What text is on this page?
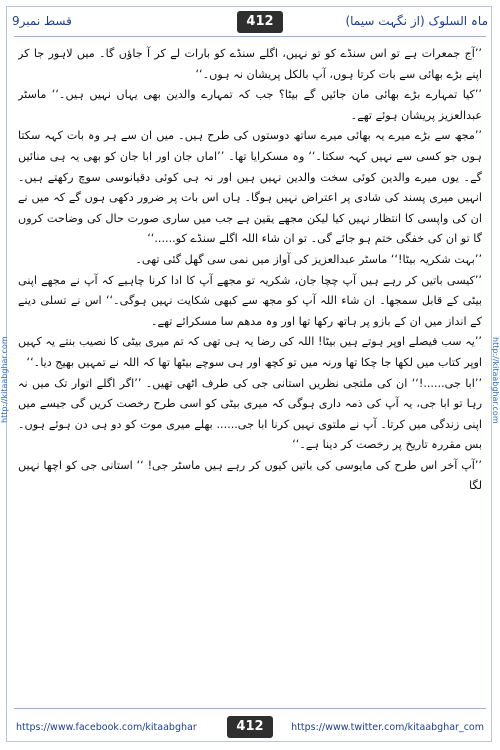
ماہ السلوک (از نگہت سیما)
412
قسط نمبر9
http://kitaabghar.com	http://kitaabghar.com

’’آج جمعرات ہے تو اس سنڈے کو تو نہیں، اگلے سنڈے کو بارات لے کر آ جاؤں گا۔ میں لاہور جا کر اپنے بڑے بھائی سے بات کرتا ہوں، آپ بالکل پریشان نہ ہوں۔‘‘

’’کیا تمہارے بڑے بھائی مان جائیں گے بیٹا؟ جب کہ تمہارے والدین بھی یہاں نہیں ہیں۔‘‘ ماسٹر عبدالعزیز پریشان ہوئے تھے۔

’’مجھ سے بڑے میرے یہ بھائی میرے ساتھ دوستوں کی طرح ہیں۔ میں ان سے ہر وہ بات کہہ سکتا ہوں جو کسی سے نہیں کہہ سکتا۔‘‘ وہ مسکرایا تھا۔ ’’اماں جان اور ابا جان کو بھی یہ ہی منائیں گے۔ یوں میرے والدین کوئی سخت والدین نہیں ہیں اور نہ ہی کوئی دقیانوسی سوچ رکھتے ہیں۔ انہیں میری پسند کی شادی پر اعتراض نہیں ہوگا۔ ہاں اس بات پر ضرور دکھی ہوں گے کہ میں نے ان کی واپسی کا انتظار نہیں کیا لیکن مجھے یقین ہے جب میں ساری صورت حال کی وضاحت کروں گا تو ان کی خفگی ختم ہو جائے گی۔ تو ان شاء اللہ اگلے سنڈے کو......‘‘

’’بہت شکریہ بیٹا!‘‘ ماسٹر عبدالعزیز کی آواز میں نمی سی گھل گئی تھی۔

’’کیسی باتیں کر رہے ہیں آپ چچا جان، شکریہ تو مجھے آپ کا ادا کرنا چاہیے کہ آپ نے مجھے اپنی بیٹی کے قابل سمجھا۔ ان شاء اللہ آپ کو مجھ سے کبھی شکایت نہیں ہوگی۔‘‘ اس نے تسلی دینے کے انداز میں ان کے بازو پر ہاتھ رکھا تھا اور وہ مدھم سا مسکرائے تھے۔

’’یہ سب فیصلے اوپر ہوتے ہیں بیٹا! اللہ کی رضا یہ ہی تھی کہ تم میری بیٹی کا نصیب بنتے یہ کہیں اوپر کتاب میں لکھا جا چکا تھا ورنہ میں تو کچھ اور ہی سوچے بیٹھا تھا کہ اللہ نے تمہیں بھیج دیا۔‘‘

’’ابا جی......!‘‘ ان کی ملتجی نظریں استانی جی کی طرف اٹھی تھیں۔ ’’اگر اگلے اتوار تک میں نہ رہا تو ابا جی، یہ آپ کی ذمہ داری ہوگی کہ میری بیٹی کو اسی طرح رخصت کریں گی جیسے میں اپنی زندگی میں کرتا۔ آپ نے ملتوی نہیں کرنا ابا جی...... بھلے میری موت کو دو ہی دن ہوئے ہوں۔ بس مقررہ تاریخ پر رخصت کر دینا ہے۔‘‘

’’آپ آخر اس طرح کی مایوسی کی باتیں کیوں کر رہے ہیں ماسٹر جی! ‘‘ استانی جی کو اچھا نہیں لگا

https://www.facebook.com/kitaabghar	412	https://www.twitter.com/kitaabghar_com
